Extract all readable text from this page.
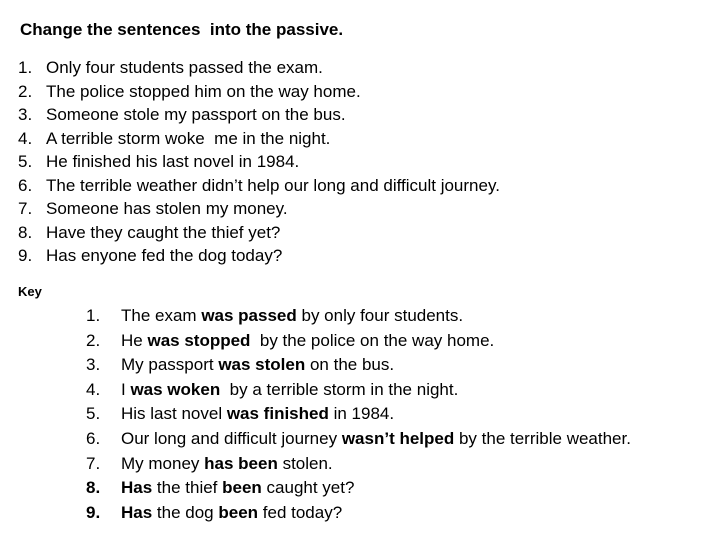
Change the sentences  into the passive.
1. Only four students passed the exam.
2. The police stopped him on the way home.
3. Someone stole my passport on the bus.
4. A terrible storm woke  me in the night.
5. He finished his last novel in 1984.
6. The terrible weather didn’t help our long and difficult journey.
7. Someone has stolen my money.
8. Have they caught the thief yet?
9. Has enyone fed the dog today?
Key
1.	The exam was passed by only four students.
2.	He was stopped  by the police on the way home.
3.	My passport was stolen on the bus.
4.	I was woken  by a terrible storm in the night.
5.	His last novel was finished in 1984.
6.	Our long and difficult journey wasn’t helped by the terrible weather.
7.	My money has been stolen.
8.	Has the thief been caught yet?
9.	Has the dog been fed today?
